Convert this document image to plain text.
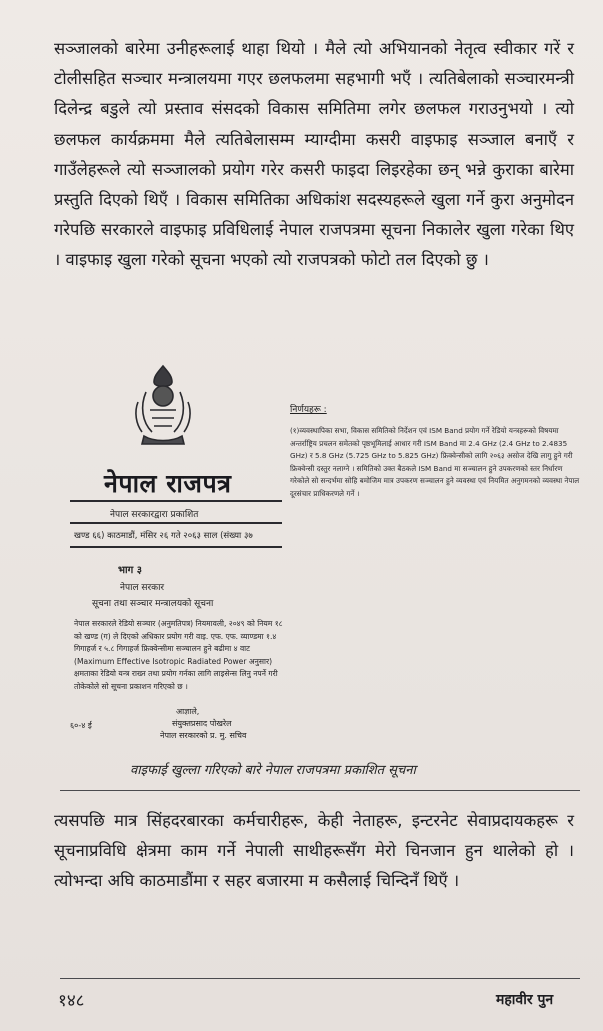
सञ्जालको बारेमा उनीहरूलाई थाहा थियो । मैले त्यो अभियानको नेतृत्व स्वीकार गरें र टोलीसहित सञ्चार मन्त्रालयमा गएर छलफलमा सहभागी भएँ । त्यतिबेलाको सञ्चारमन्त्री दिलेन्द्र बडुले त्यो प्रस्ताव संसदको विकास समितिमा लगेर छलफल गराउनुभयो । त्यो छलफल कार्यक्रममा मैले त्यतिबेलासम्म म्याग्दीमा कसरी वाइफाइ सञ्जाल बनाएँ र गाउँलेहरूले त्यो सञ्जालको प्रयोग गरेर कसरी फाइदा लिइरहेका छन् भन्ने कुराका बारेमा प्रस्तुति दिएको थिएँ । विकास समितिका अधिकांश सदस्यहरूले खुला गर्ने कुरा अनुमोदन गरेपछि सरकारले वाइफाइ प्रविधिलाई नेपाल राजपत्रमा सूचना निकालेर खुला गरेका थिए । वाइफाइ खुला गरेको सूचना भएको त्यो राजपत्रको फोटो तल दिएको छु ।

नेपाल राजपत्र

नेपाल सरकारद्वारा प्रकाशित

खण्ड ६६) काठमाडौं, मंसिर २६ गते २०६३ साल (संख्या ३७

भाग ३

नेपाल सरकार

सूचना तथा सञ्चार मन्त्रालयको सूचना

नेपाल सरकारले रेडियो सञ्चार (अनुमतिपत्र) नियमावली, २०४९ को नियम १८ को खण्ड (ग) ले दिएको अधिकार प्रयोग गरी वाइ. एफ. एफ. व्याण्डमा १.४ गिगाहर्ज र ५.८ गिगाहर्ज फ्रिक्वेन्सीमा सञ्चालन हुने बढीमा ४ वाट (Maximum Effective Isotropic Radiated Power अनुसार) क्षमताका रेडियो यन्त्र राख्न तथा प्रयोग गर्नका लागि लाइसेन्स लिनु नपर्ने गरी तोकेकोले सो सूचना प्रकाशन गरिएको छ ।

आज्ञाले,

६०-४ ई	संयुक्तप्रसाद पोखरेल

नेपाल सरकारको प्र. मु. सचिव

निर्णयहरू :

(१)व्यवस्थापिका सभा, विकास समितिको निर्देशन एवं ISM Band प्रयोग गर्ने रेडियो यन्त्रहरूको विषयमा अन्तर्राष्ट्रिय प्रचलन समेतको पृष्ठभूमिलाई आधार गरी ISM Band मा 2.4 GHz (2.4 GHz to 2.4835 GHz) र 5.8 GHz (5.725 GHz to 5.825 GHz) फ्रिक्वेन्सीको लागि २०६३ असोज देखि लागु हुने गरी फ्रिक्वेन्सी दस्तुर नलाग्ने । समितिको उक्त बैठकले ISM Band मा सञ्चालन हुने उपकरणको स्तर निर्धारण गरेकोले सो सन्दर्भमा सोहि बमोजिम मात्र उपकरण सञ्चालन हुने व्यवस्था एवं नियमित अनुगमनको व्यवस्था नेपाल दूरसंचार प्राधिकरणले गर्ने ।

वाइफाई खुल्ला गरिएको बारे नेपाल राजपत्रमा प्रकाशित सूचना

त्यसपछि मात्र सिंहदरबारका कर्मचारीहरू, केही नेताहरू, इन्टरनेट सेवाप्रदायकहरू र सूचनाप्रविधि क्षेत्रमा काम गर्ने नेपाली साथीहरूसँग मेरो चिनजान हुन थालेको हो । त्योभन्दा अघि काठमाडौंमा र सहर बजारमा म कसैलाई चिन्दिनँ थिएँ ।

१४८	महावीर पुन
